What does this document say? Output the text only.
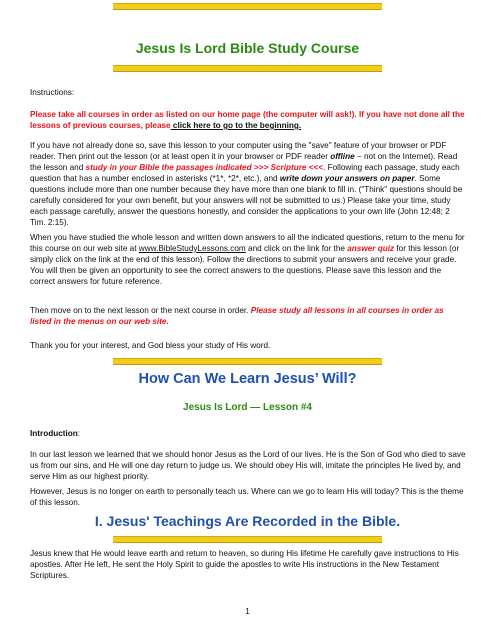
Jesus Is Lord Bible Study Course

Instructions:

Please take all courses in order as listed on our home page (the computer will ask!). If you have not done all the lessons of previous courses, please click here to go to the beginning.

If you have not already done so, save this lesson to your computer using the "save" feature of your browser or PDF reader. Then print out the lesson (or at least open it in your browser or PDF reader offline − not on the Internet). Read the lesson and study in your Bible the passages indicated >>> Scripture <<<. Following each passage, study each question that has a number enclosed in asterisks (*1*, *2*, etc.), and write down your answers on paper. Some questions include more than one number because they have more than one blank to fill in. ("Think" questions should be carefully considered for your own benefit, but your answers will not be submitted to us.) Please take your time, study each passage carefully, answer the questions honestly, and consider the applications to your own life (John 12:48; 2 Tim. 2:15).

When you have studied the whole lesson and written down answers to all the indicated questions, return to the menu for this course on our web site at www.BibleStudyLessons.com and click on the link for the answer quiz for this lesson (or simply click on the link at the end of this lesson). Follow the directions to submit your answers and receive your grade. You will then be given an opportunity to see the correct answers to the questions. Please save this lesson and the correct answers for future reference.

Then move on to the next lesson or the next course in order. Please study all lessons in all courses in order as listed in the menus on our web site.

Thank you for your interest, and God bless your study of His word.

How Can We Learn Jesus’ Will?
Jesus Is Lord — Lesson #4

Introduction:

In our last lesson we learned that we should honor Jesus as the Lord of our lives. He is the Son of God who died to save us from our sins, and He will one day return to judge us. We should obey His will, imitate the principles He lived by, and serve Him as our highest priority.

However, Jesus is no longer on earth to personally teach us. Where can we go to learn His will today? This is the theme of this lesson.

I. Jesus' Teachings Are Recorded in the Bible.

Jesus knew that He would leave earth and return to heaven, so during His lifetime He carefully gave instructions to His apostles. After He left, He sent the Holy Spirit to guide the apostles to write His instructions in the New Testament Scriptures.

1
